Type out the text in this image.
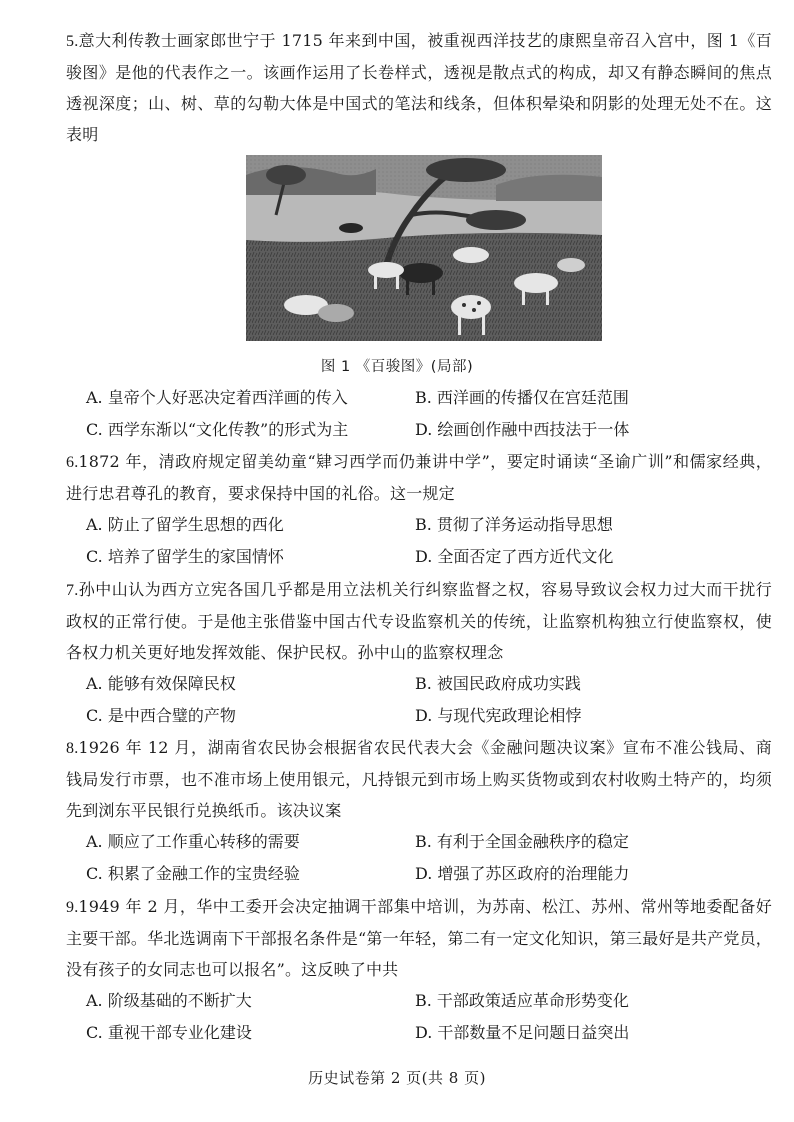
5.意大利传教士画家郎世宁于 1715 年来到中国，被重视西洋技艺的康熙皇帝召入宫中，图 1《百骏图》是他的代表作之一。该画作运用了长卷样式，透视是散点式的构成，却又有静态瞬间的焦点透视深度；山、树、草的勾勒大体是中国式的笔法和线条，但体积晕染和阴影的处理无处不在。这表明
图 1 《百骏图》(局部)
A. 皇帝个人好恶决定着西洋画的传入	B. 西洋画的传播仅在宫廷范围
C. 西学东渐以“文化传教”的形式为主	D. 绘画创作融中西技法于一体
6.1872 年，清政府规定留美幼童“肄习西学而仍兼讲中学”，要定时诵读“圣谕广训”和儒家经典，进行忠君尊孔的教育，要求保持中国的礼俗。这一规定
A. 防止了留学生思想的西化	B. 贯彻了洋务运动指导思想
C. 培养了留学生的家国情怀	D. 全面否定了西方近代文化
7.孙中山认为西方立宪各国几乎都是用立法机关行纠察监督之权，容易导致议会权力过大而干扰行政权的正常行使。于是他主张借鉴中国古代专设监察机关的传统，让监察机构独立行使监察权，使各权力机关更好地发挥效能、保护民权。孙中山的监察权理念
A. 能够有效保障民权	B. 被国民政府成功实践
C. 是中西合璧的产物	D. 与现代宪政理论相悖
8.1926 年 12 月，湖南省农民协会根据省农民代表大会《金融问题决议案》宣布不准公钱局、商钱局发行市票，也不准市场上使用银元，凡持银元到市场上购买货物或到农村收购土特产的，均须先到浏东平民银行兑换纸币。该决议案
A. 顺应了工作重心转移的需要	B. 有利于全国金融秩序的稳定
C. 积累了金融工作的宝贵经验	D. 增强了苏区政府的治理能力
9.1949 年 2 月，华中工委开会决定抽调干部集中培训，为苏南、松江、苏州、常州等地委配备好主要干部。华北选调南下干部报名条件是“第一年轻，第二有一定文化知识，第三最好是共产党员，没有孩子的女同志也可以报名”。这反映了中共
A. 阶级基础的不断扩大	B. 干部政策适应革命形势变化
C. 重视干部专业化建设	D. 干部数量不足问题日益突出
历史试卷第 2 页(共 8 页)
